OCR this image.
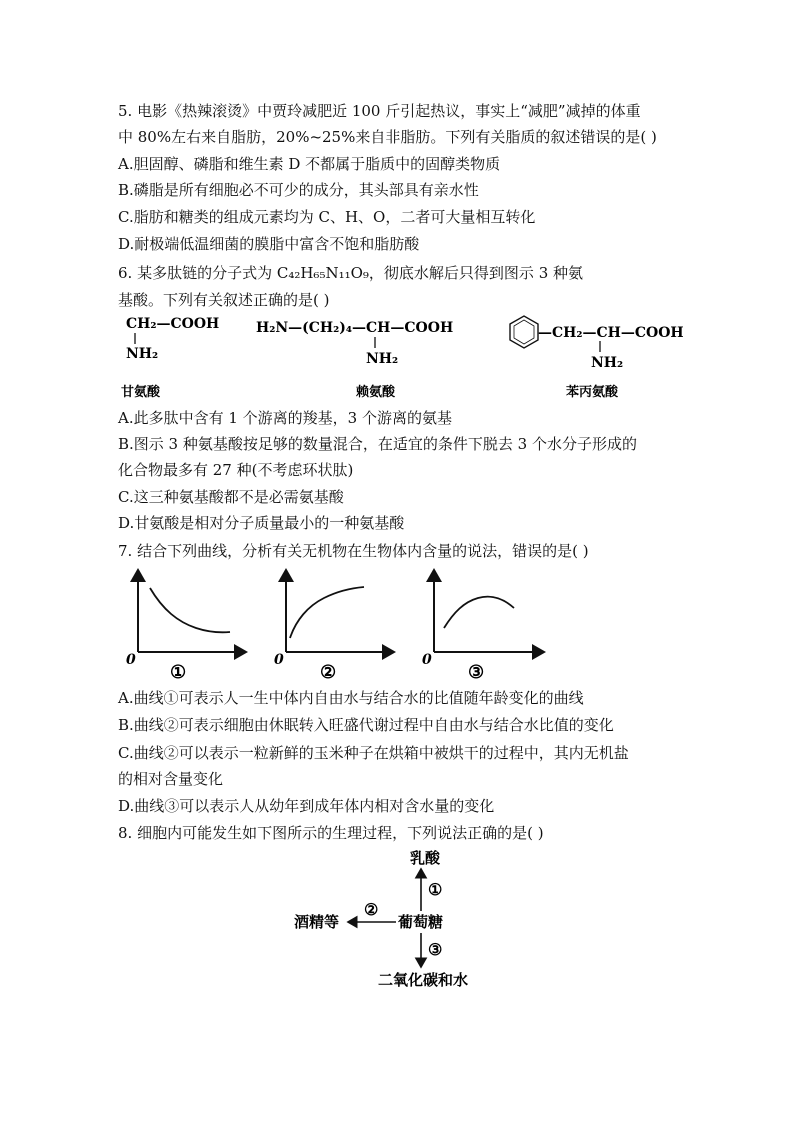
5. 电影《热辣滚烫》中贾玲减肥近 100 斤引起热议，事实上“减肥”减掉的体重
中 80%左右来自脂肪，20%~25%来自非脂肪。下列有关脂质的叙述错误的是( )
A.胆固醇、磷脂和维生素 D 不都属于脂质中的固醇类物质
B.磷脂是所有细胞必不可少的成分，其头部具有亲水性
C.脂肪和糖类的组成元素均为 C、H、O，二者可大量相互转化
D.耐极端低温细菌的膜脂中富含不饱和脂肪酸
6. 某多肽链的分子式为 C₄₂H₆₅N₁₁O₉，彻底水解后只得到图示 3 种氨
基酸。下列有关叙述正确的是( )
CH₂—COOH
NH₂
甘氨酸
H₂N—(CH₂)₄—CH—COOH
NH₂
赖氨酸
—CH₂—CH—COOH
NH₂
苯丙氨酸
A.此多肽中含有 1 个游离的羧基，3 个游离的氨基
B.图示 3 种氨基酸按足够的数量混合，在适宜的条件下脱去 3 个水分子形成的
化合物最多有 27 种(不考虑环状肽)
C.这三种氨基酸都不是必需氨基酸
D.甘氨酸是相对分子质量最小的一种氨基酸
7. 结合下列曲线，分析有关无机物在生物体内含量的说法，错误的是( )
0
①
0
②
0
③
A.曲线①可表示人一生中体内自由水与结合水的比值随年龄变化的曲线
B.曲线②可表示细胞由休眠转入旺盛代谢过程中自由水与结合水比值的变化
C.曲线②可以表示一粒新鲜的玉米种子在烘箱中被烘干的过程中，其内无机盐
的相对含量变化
D.曲线③可以表示人从幼年到成年体内相对含水量的变化
8. 细胞内可能发生如下图所示的生理过程，下列说法正确的是( )
乳酸
①
葡萄糖
②
酒精等
③
二氧化碳和水
